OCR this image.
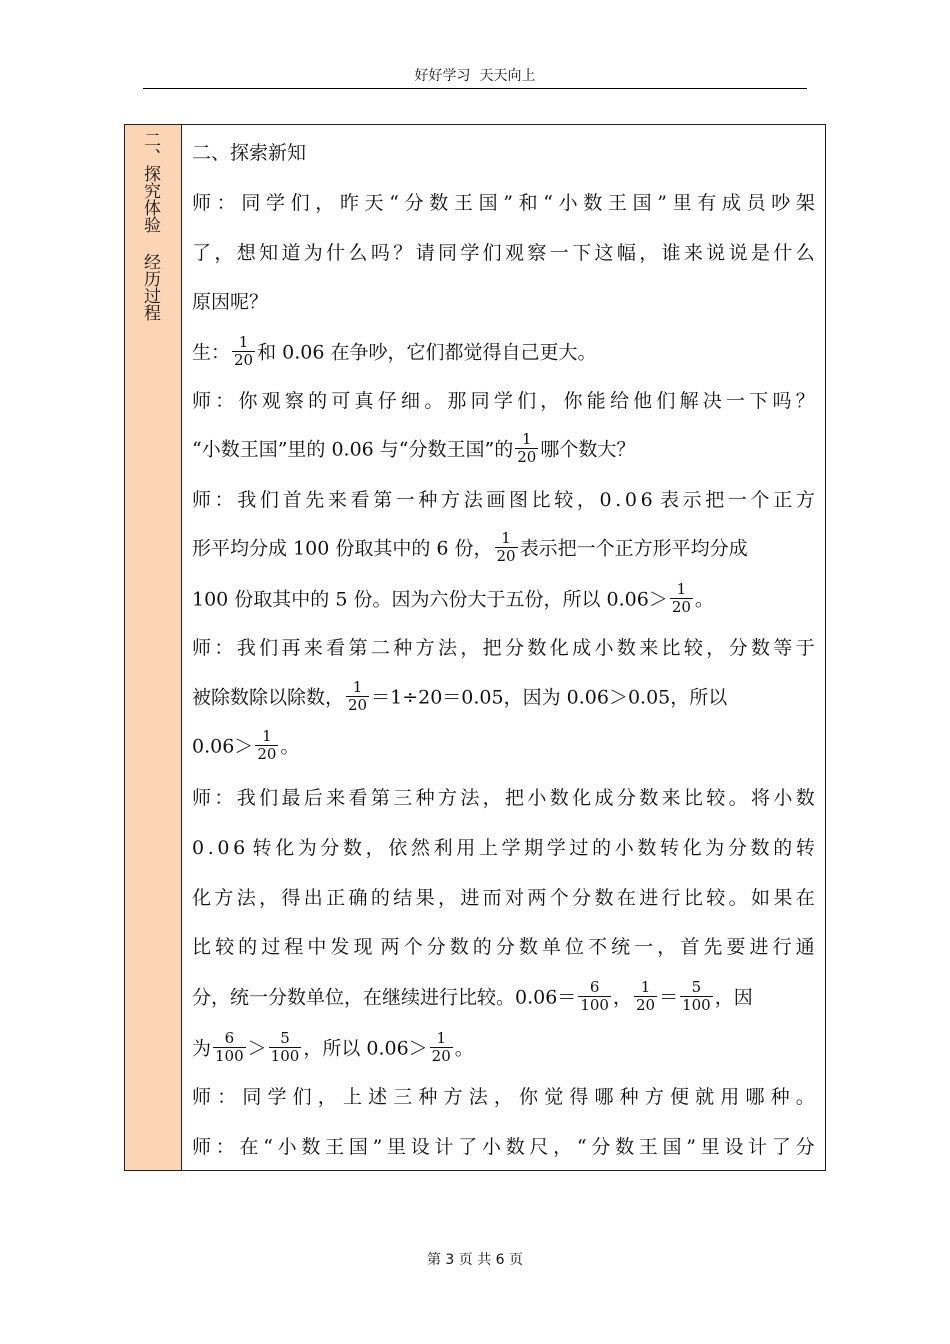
好好学习  天天向上
二、探究体验 经历过程 二、探索新知
师 ： 同 学 们 ， 昨 天 “ 分 数 王 国 ” 和 “ 小 数 王 国 ” 里 有 成 员 吵 架
了 ， 想 知 道 为 什 么 吗 ？ 请 同 学 们 观 察 一 下 这 幅 ， 谁 来 说 说 是 什 么
原因呢？
生： $\frac{1}{20}$ 和 0.06 在争吵，它们都觉得自己更大。
师 ： 你 观 察 的 可 真 仔 细 。 那 同 学 们 ， 你 能 给 他 们 解 决 一 下 吗 ？
“小数王国”里的 0.06 与“分数王国”的 $\frac{1}{20}$ 哪个数大？
师 ： 我 们 首 先 来 看 第 一 种 方 法 画 图 比 较 ， 0 . 0 6 表 示 把 一 个 正 方
形平均分成 100 份取其中的 6 份， $\frac{1}{20}$ 表示把一个正方形平均分成
100 份取其中的 5 份。因为六份大于五份，所以 $0.06> \frac{1}{20}$ 。
师 ： 我 们 再 来 看 第 二 种 方 法 ， 把 分 数 化 成 小 数 来 比 较 ， 分 数 等 于
被除数除以除数， $\frac{1}{20} =1\div 20=0.05$，因为 0.06＞0.05，所以
$0.06> \frac{1}{20}$ 。
师 ： 我 们 最 后 来 看 第 三 种 方 法 ， 把 小 数 化 成 分 数 来 比 较 。 将 小 数
0 . 0 6 转 化 为 分 数 ， 依 然 利 用 上 学 期 学 过 的 小 数 转 化 为 分 数 的 转
化 方 法 ， 得 出 正 确 的 结 果 ， 进 而 对 两 个 分 数 在 进 行 比 较 。 如 果 在
比 较 的 过 程 中 发 现 两 个 分 数 的 分 数 单 位 不 统 一 ， 首 先 要 进 行 通
分，统一分数单位，在继续进行比较。$0.06= \frac{6}{100}$ ， $\frac{1}{20} = \frac{5}{100}$ ，因
为 $\frac{6}{100} > \frac{5}{100}$ ，所以 $0.06> \frac{1}{20}$ 。
师 ： 同 学 们 ， 上 述 三 种 方 法 ， 你 觉 得 哪 种 方 便 就 用 哪 种 。
师 ： 在 “ 小 数 王 国 ” 里 设 计 了 小 数 尺 ， “ 分 数 王 国 ” 里 设 计 了 分
第 3 页 共 6 页
